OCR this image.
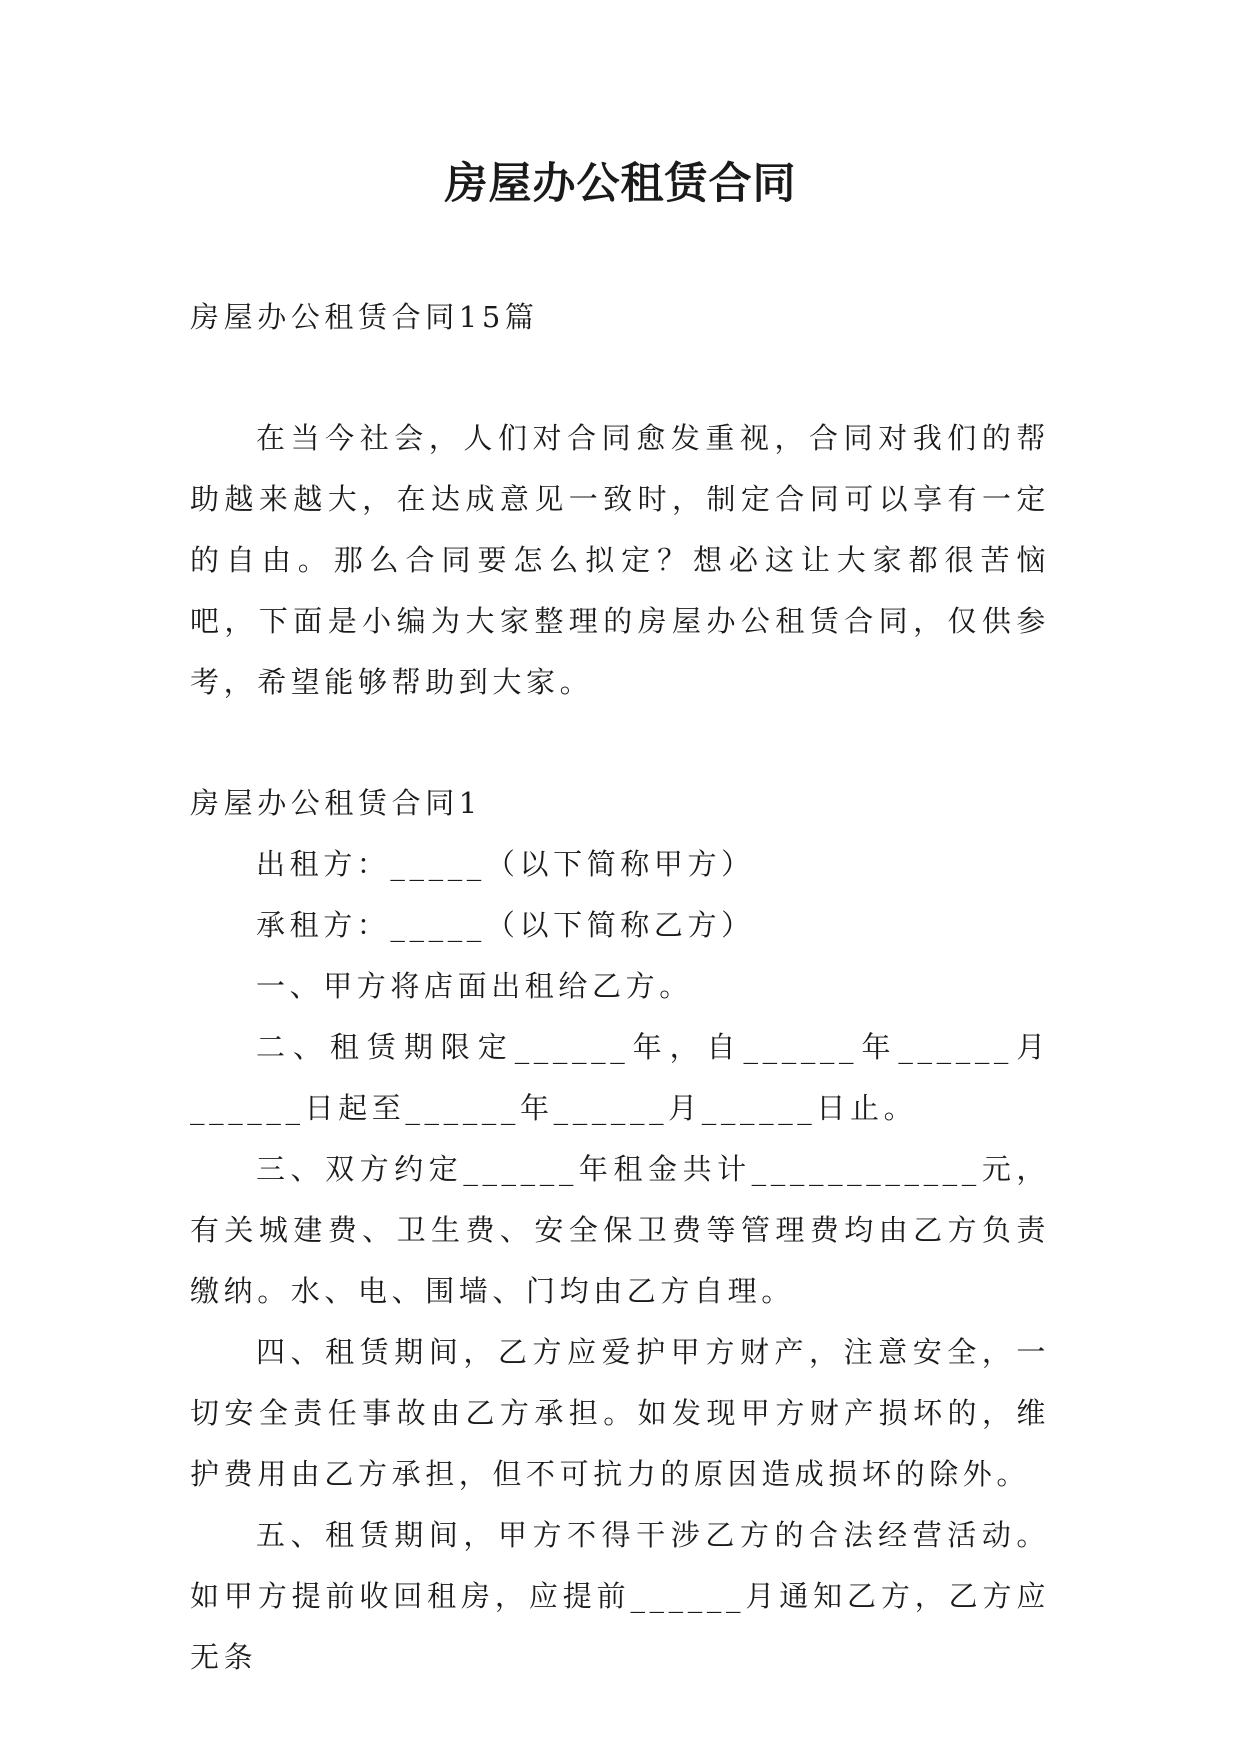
房屋办公租赁合同

房屋办公租赁合同15篇

在当今社会，人们对合同愈发重视，合同对我们的帮助越来越大，在达成意见一致时，制定合同可以享有一定的自由。那么合同要怎么拟定？想必这让大家都很苦恼吧，下面是小编为大家整理的房屋办公租赁合同，仅供参考，希望能够帮助到大家。

房屋办公租赁合同1

出租方：_____（以下简称甲方）

承租方：_____（以下简称乙方）

一、甲方将店面出租给乙方。

二、租赁期限定______年，自______年______月______日起至______年______月______日止。

三、双方约定______年租金共计____________元，有关城建费、卫生费、安全保卫费等管理费均由乙方负责缴纳。水、电、围墙、门均由乙方自理。

四、租赁期间，乙方应爱护甲方财产，注意安全，一切安全责任事故由乙方承担。如发现甲方财产损坏的，维护费用由乙方承担，但不可抗力的原因造成损坏的除外。

五、租赁期间，甲方不得干涉乙方的合法经营活动。如甲方提前收回租房，应提前______月通知乙方，乙方应无条
